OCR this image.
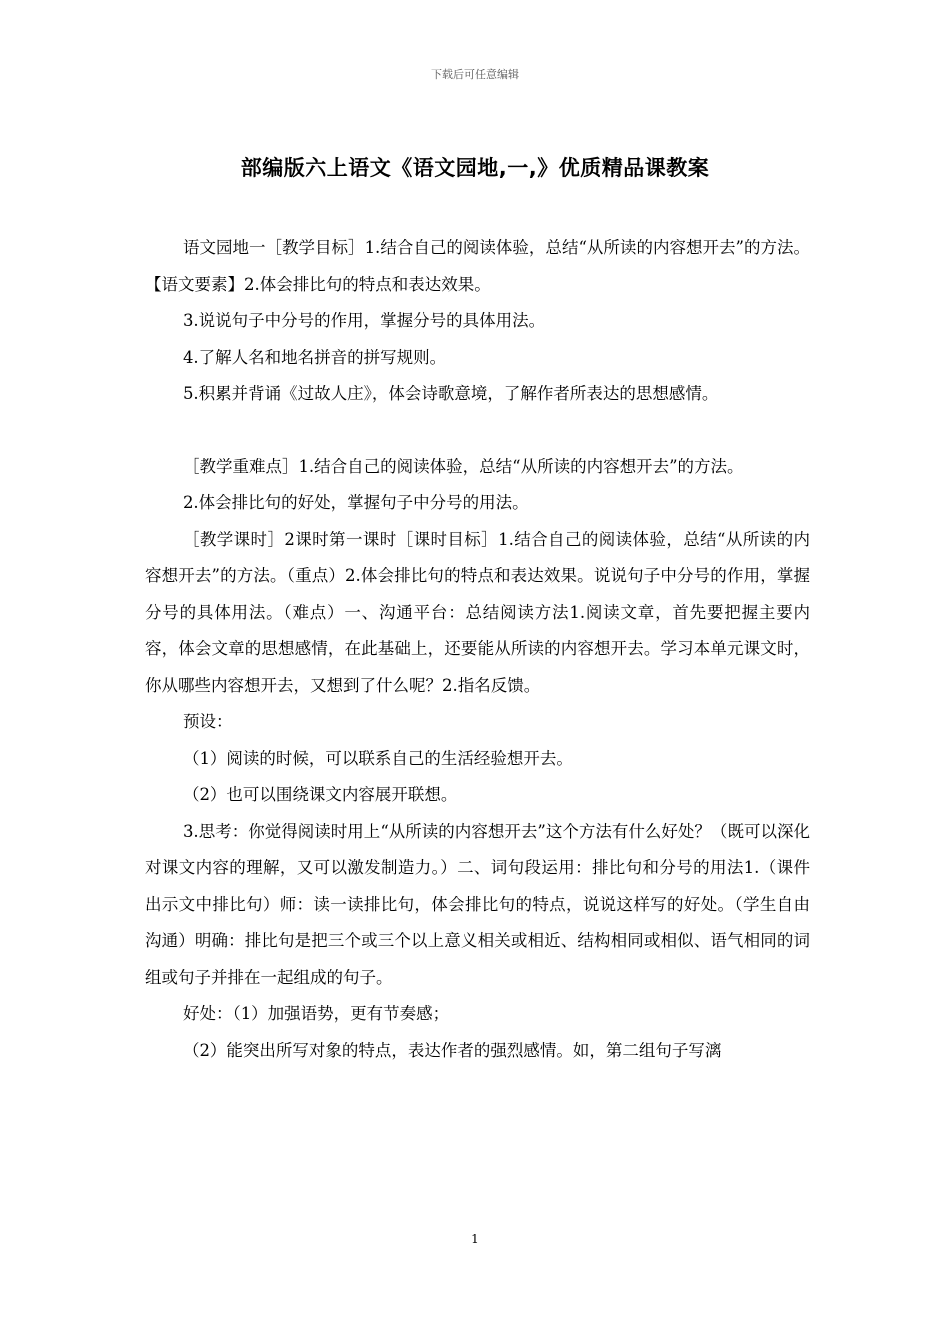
下载后可任意编辑
部编版六上语文《语文园地,一,》优质精品课教案

语文园地一［教学目标］1.结合自己的阅读体验，总结“从所读的内容想开去”的方法。【语文要素】2.体会排比句的特点和表达效果。

3.说说句子中分号的作用，掌握分号的具体用法。

4.了解人名和地名拼音的拼写规则。

5.积累并背诵《过故人庄》，体会诗歌意境，了解作者所表达的思想感情。

［教学重难点］1.结合自己的阅读体验，总结“从所读的内容想开去”的方法。

2.体会排比句的好处，掌握句子中分号的用法。

［教学课时］2课时第一课时［课时目标］1.结合自己的阅读体验，总结“从所读的内容想开去”的方法。（重点）2.体会排比句的特点和表达效果。说说句子中分号的作用，掌握分号的具体用法。（难点）一、沟通平台：总结阅读方法1.阅读文章，首先要把握主要内容，体会文章的思想感情，在此基础上，还要能从所读的内容想开去。学习本单元课文时，你从哪些内容想开去，又想到了什么呢？2.指名反馈。

预设：

（1）阅读的时候，可以联系自己的生活经验想开去。

（2）也可以围绕课文内容展开联想。

3.思考：你觉得阅读时用上“从所读的内容想开去”这个方法有什么好处？（既可以深化对课文内容的理解，又可以激发制造力。）二、词句段运用：排比句和分号的用法1.（课件出示文中排比句）师：读一读排比句，体会排比句的特点，说说这样写的好处。（学生自由沟通）明确：排比句是把三个或三个以上意义相关或相近、结构相同或相似、语气相同的词组或句子并排在一起组成的句子。

好处：（1）加强语势，更有节奏感；

（2）能突出所写对象的特点，表达作者的强烈感情。如，第二组句子写漓

1
